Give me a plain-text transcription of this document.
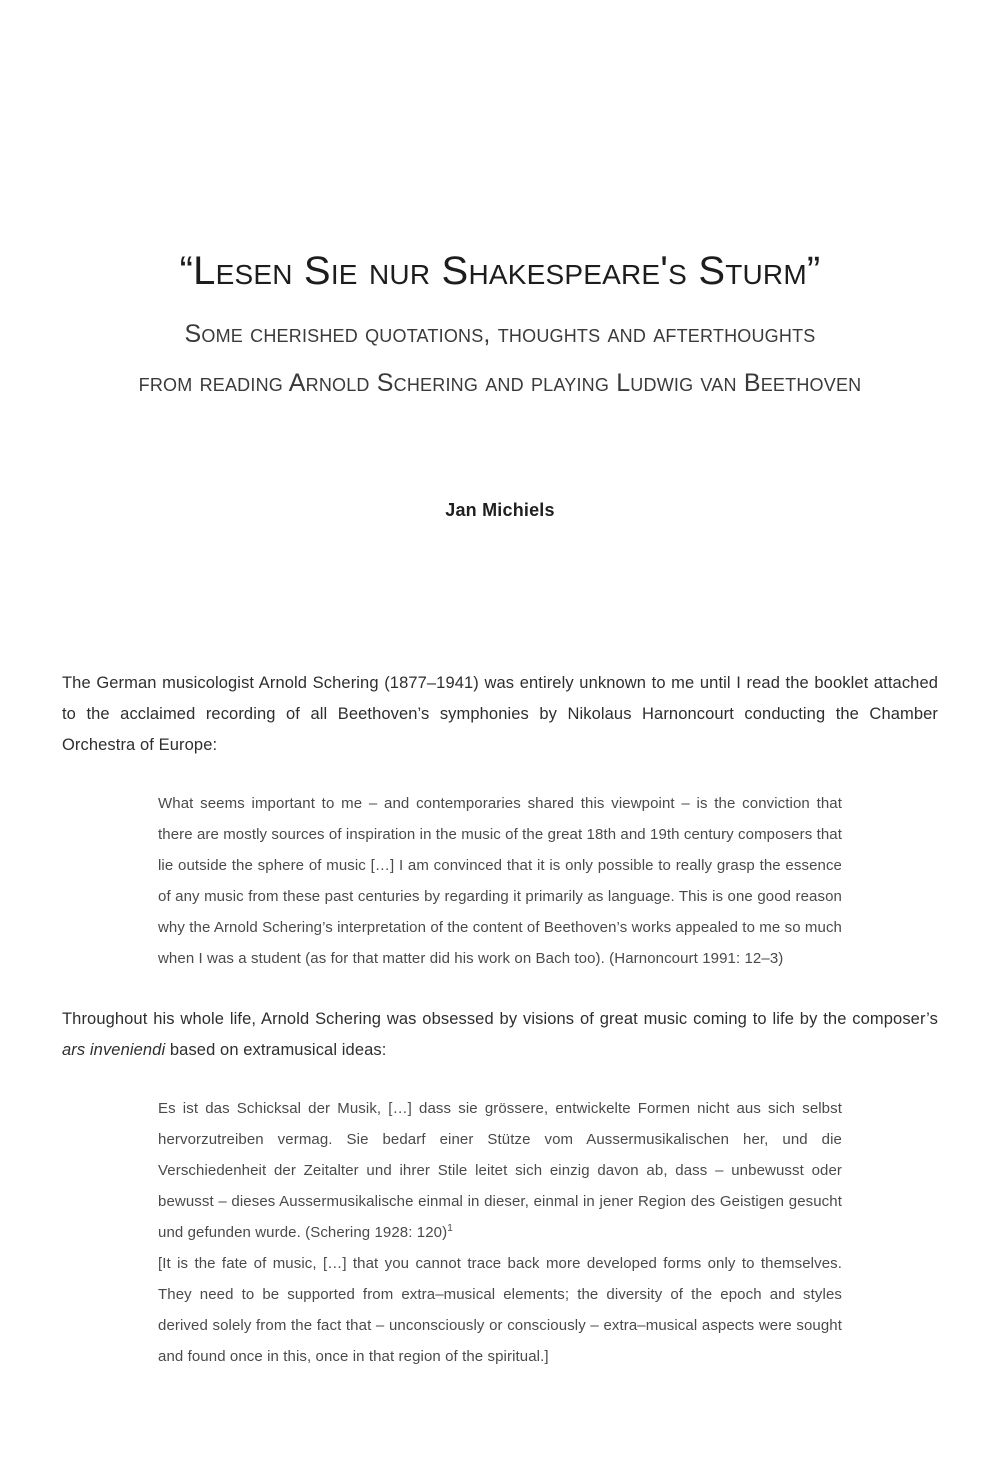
“Lesen Sie nur Shakespeare's Sturm”
Some cherished quotations, thoughts and afterthoughts
from reading Arnold Schering and playing Ludwig van Beethoven
Jan Michiels

The German musicologist Arnold Schering (1877–1941) was entirely unknown to me until I read the booklet attached to the acclaimed recording of all Beethoven’s symphonies by Nikolaus Harnoncourt conducting the Chamber Orchestra of Europe:

What seems important to me – and contemporaries shared this viewpoint – is the conviction that there are mostly sources of inspiration in the music of the great 18th and 19th century composers that lie outside the sphere of music […] I am convinced that it is only possible to really grasp the essence of any music from these past centuries by regarding it primarily as language. This is one good reason why the Arnold Schering’s interpretation of the content of Beethoven’s works appealed to me so much when I was a student (as for that matter did his work on Bach too). (Harnoncourt 1991: 12–3)

Throughout his whole life, Arnold Schering was obsessed by visions of great music coming to life by the composer’s ars inveniendi based on extramusical ideas:

Es ist das Schicksal der Musik, […] dass sie grössere, entwickelte Formen nicht aus sich selbst hervorzutreiben vermag. Sie bedarf einer Stütze vom Aussermusikalischen her, und die Verschiedenheit der Zeitalter und ihrer Stile leitet sich einzig davon ab, dass – unbewusst oder bewusst – dieses Aussermusikalische einmal in dieser, einmal in jener Region des Geistigen gesucht und gefunden wurde. (Schering 1928: 120)$^1$

[It is the fate of music, […] that you cannot trace back more developed forms only to themselves. They need to be supported from extra–musical elements; the diversity of the epoch and styles derived solely from the fact that – unconsciously or consciously – extra–musical aspects were sought and found once in this, once in that region of the spiritual.]
